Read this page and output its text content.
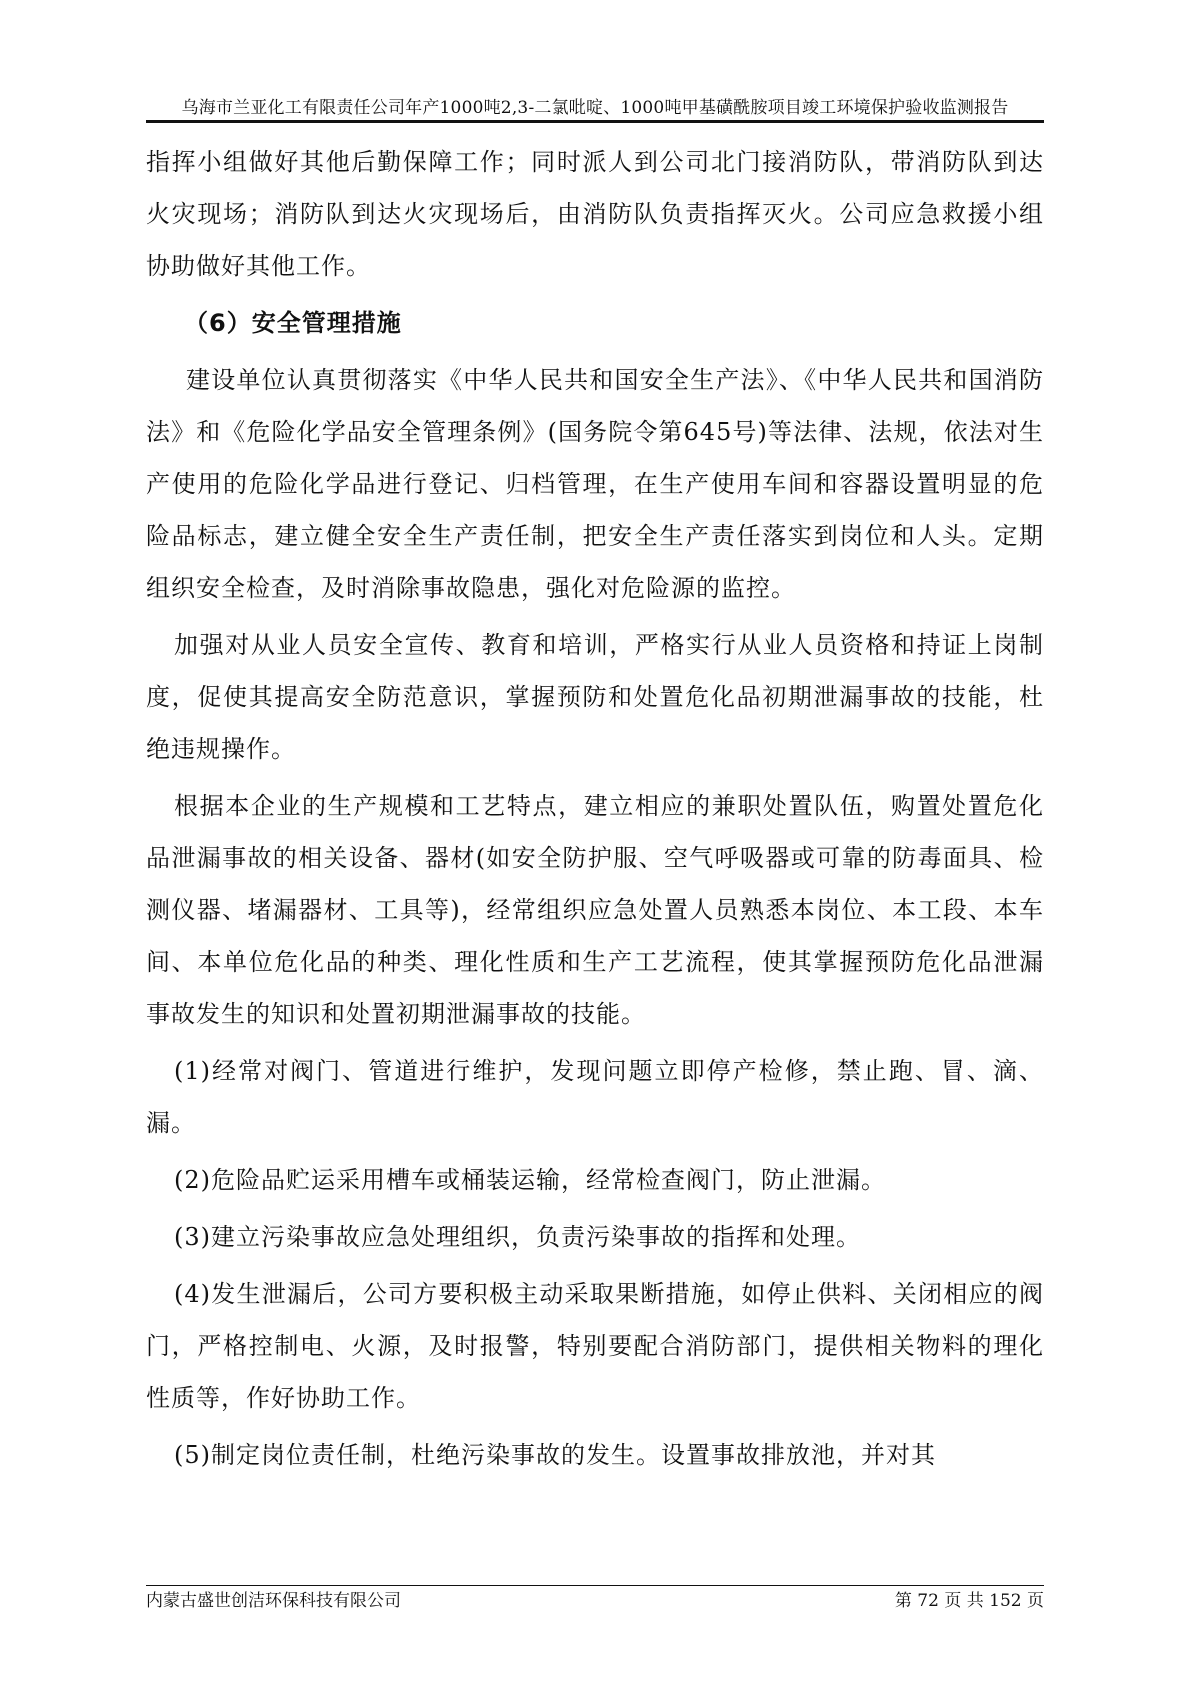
乌海市兰亚化工有限责任公司年产1000吨2,3-二氯吡啶、1000吨甲基磺酰胺项目竣工环境保护验收监测报告

指挥小组做好其他后勤保障工作；同时派人到公司北门接消防队，带消防队到达火灾现场；消防队到达火灾现场后，由消防队负责指挥灭火。公司应急救援小组协助做好其他工作。

（6）安全管理措施

建设单位认真贯彻落实《中华人民共和国安全生产法》、《中华人民共和国消防法》和《危险化学品安全管理条例》(国务院令第645号)等法律、法规，依法对生产使用的危险化学品进行登记、归档管理，在生产使用车间和容器设置明显的危险品标志，建立健全安全生产责任制，把安全生产责任落实到岗位和人头。定期组织安全检查，及时消除事故隐患，强化对危险源的监控。

加强对从业人员安全宣传、教育和培训，严格实行从业人员资格和持证上岗制度，促使其提高安全防范意识，掌握预防和处置危化品初期泄漏事故的技能，杜绝违规操作。

根据本企业的生产规模和工艺特点，建立相应的兼职处置队伍，购置处置危化品泄漏事故的相关设备、器材(如安全防护服、空气呼吸器或可靠的防毒面具、检测仪器、堵漏器材、工具等)，经常组织应急处置人员熟悉本岗位、本工段、本车间、本单位危化品的种类、理化性质和生产工艺流程，使其掌握预防危化品泄漏事故发生的知识和处置初期泄漏事故的技能。

(1)经常对阀门、管道进行维护，发现问题立即停产检修，禁止跑、冒、滴、漏。

(2)危险品贮运采用槽车或桶装运输，经常检查阀门，防止泄漏。

(3)建立污染事故应急处理组织，负责污染事故的指挥和处理。

(4)发生泄漏后，公司方要积极主动采取果断措施，如停止供料、关闭相应的阀门，严格控制电、火源，及时报警，特别要配合消防部门，提供相关物料的理化性质等，作好协助工作。

(5)制定岗位责任制，杜绝污染事故的发生。设置事故排放池，并对其

内蒙古盛世创洁环保科技有限公司	第 72 页 共 152 页
